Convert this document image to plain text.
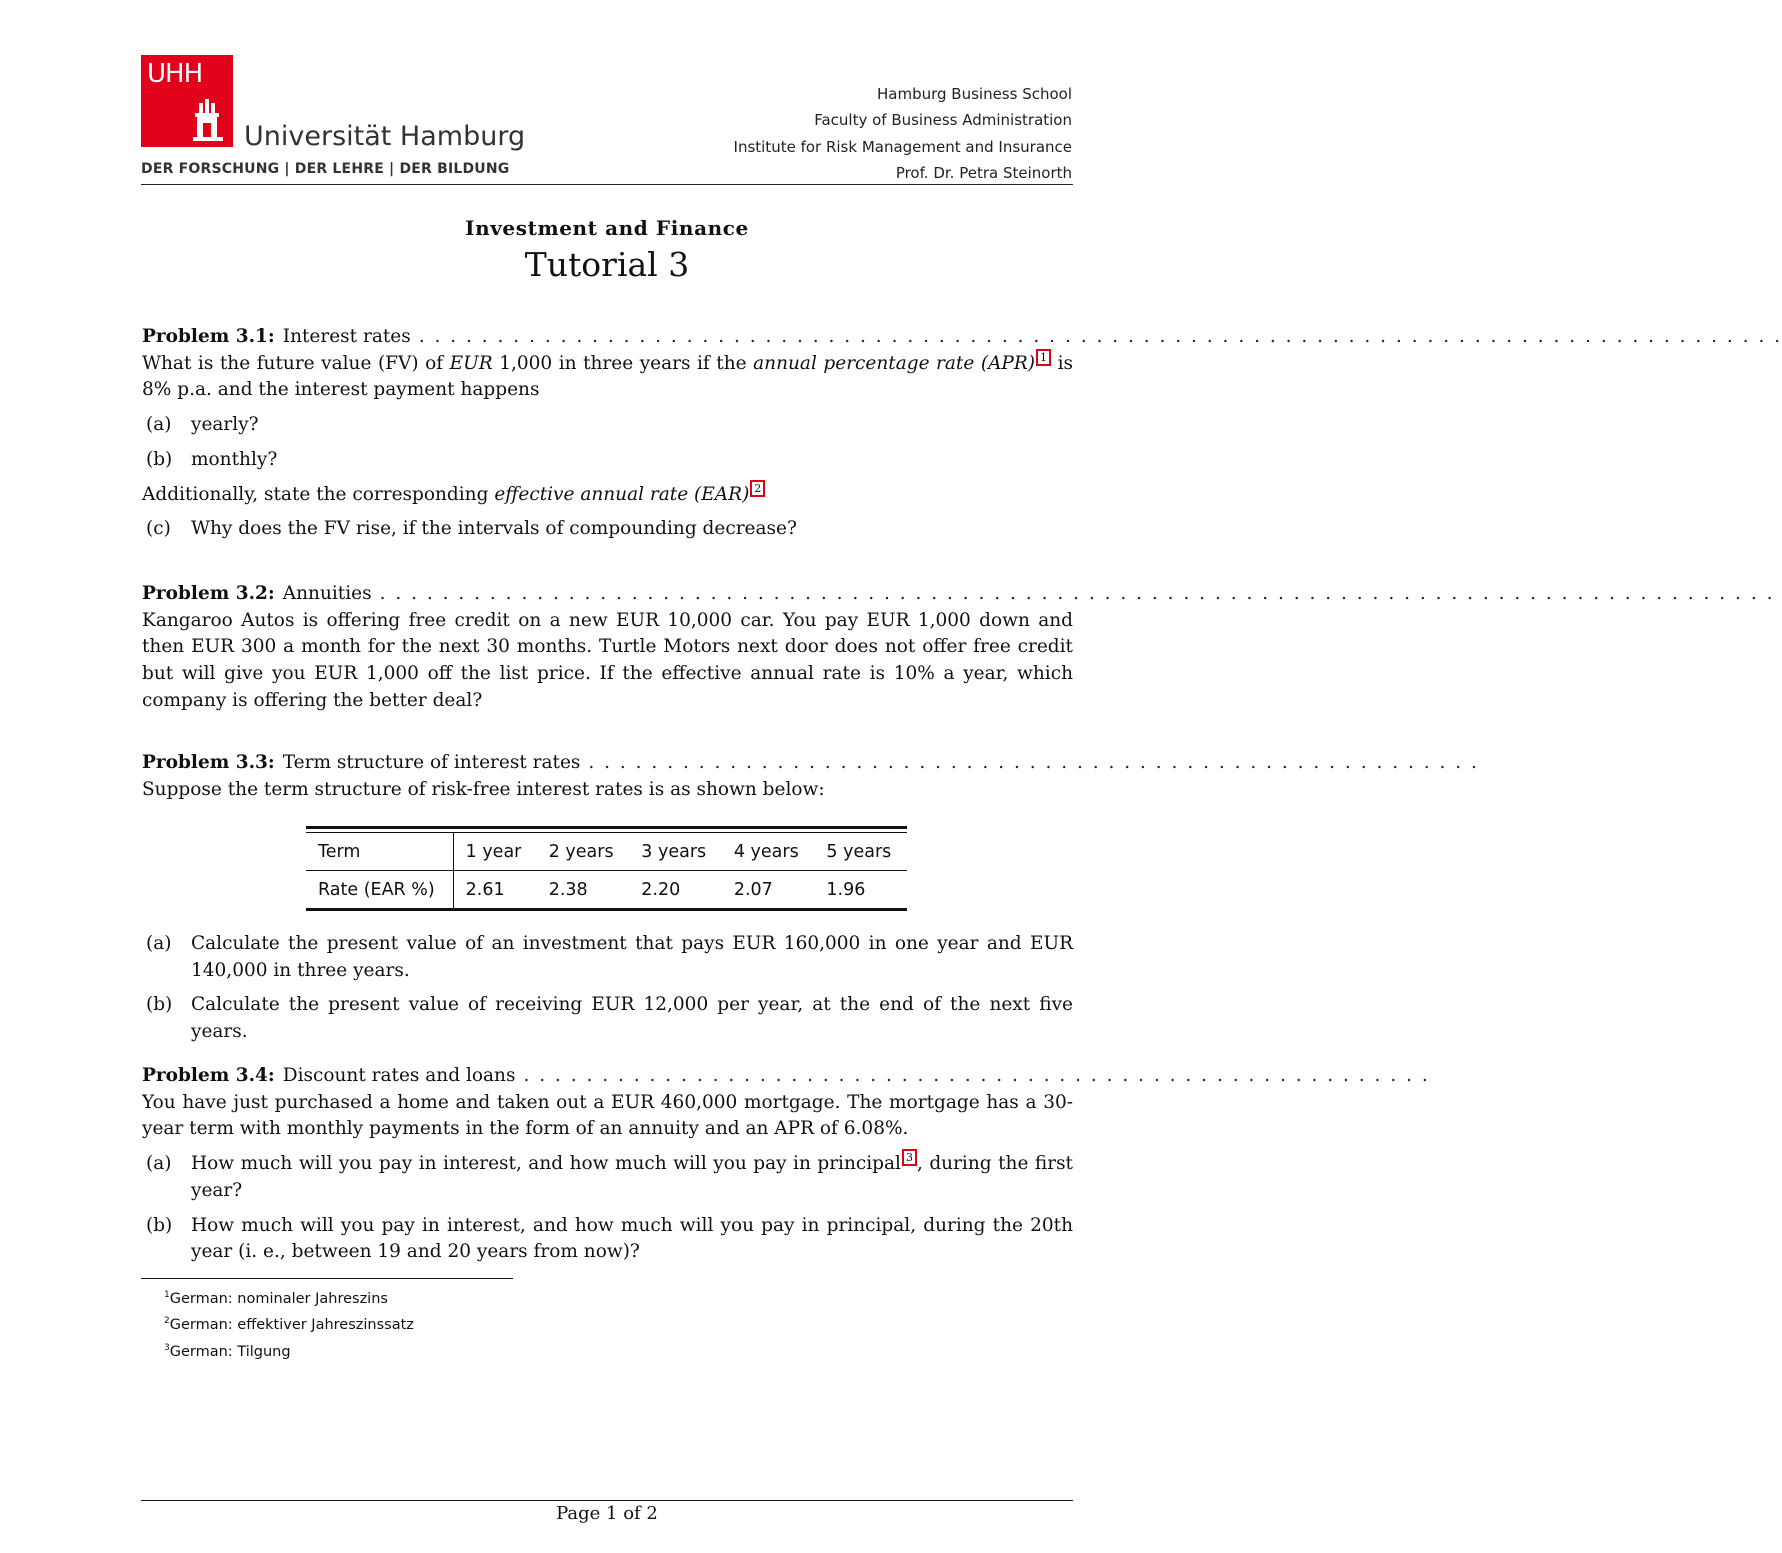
UHH
Universität Hamburg
DER FORSCHUNG | DER LEHRE | DER BILDUNG
Hamburg Business School
Faculty of Business Administration
Institute for Risk Management and Insurance
Prof. Dr. Petra Steinorth
Investment and Finance
Tutorial 3
Problem 3.1: Interest rates . . . . . . . . . . . . . . . . . . . . . . . . . . . . . . . . . . . . . . . . . . . . . . . . . . . . . . . . . . . . . . . . . . . . . . . . . . . . . . . . . . . . . . .
What is the future value (FV) of EUR 1,000 in three years if the annual percentage rate (APR) 1 is 8% p.a. and the interest payment happens
(a)	yearly?
(b)	monthly?
Additionally, state the corresponding effective annual rate (EAR) 2
(c)	Why does the FV rise, if the intervals of compounding decrease?
Problem 3.2: Annuities . . . . . . . . . . . . . . . . . . . . . . . . . . . . . . . . . . . . . . . . . . . . . . . . . . . . . . . . . . . . . . . . . . . . . . . . . . . . . . . . . . . . . . . . .
Kangaroo Autos is offering free credit on a new EUR 10,000 car. You pay EUR 1,000 down and then EUR 300 a month for the next 30 months. Turtle Motors next door does not offer free credit but will give you EUR 1,000 off the list price. If the effective annual rate is 10% a year, which company is offering the better deal?
Problem 3.3: Term structure of interest rates . . . . . . . . . . . . . . . . . . . . . . . . . . . . . . . . . . . . . . . . . . . . . . . . . . . . . . . . .
Suppose the term structure of risk-free interest rates is as shown below:

Term	1 year	2 years	3 years	4 years	5 years
Rate (EAR %)	2.61	2.38	2.20	2.07	1.96
(a)	Calculate the present value of an investment that pays EUR 160,000 in one year and EUR 140,000 in three years.
(b)	Calculate the present value of receiving EUR 12,000 per year, at the end of the next five years.
Problem 3.4: Discount rates and loans . . . . . . . . . . . . . . . . . . . . . . . . . . . . . . . . . . . . . . . . . . . . . . . . . . . . . . . . . .
You have just purchased a home and taken out a EUR 460,000 mortgage. The mortgage has a 30-year term with monthly payments in the form of an annuity and an APR of 6.08%.
(a)	How much will you pay in interest, and how much will you pay in principal 3 , during the first year?
(b)	How much will you pay in interest, and how much will you pay in principal, during the 20th year (i. e., between 19 and 20 years from now)?
$^1$German: nominaler Jahreszins
$^2$German: effektiver Jahreszinssatz
$^3$German: Tilgung
Page 1 of 2
